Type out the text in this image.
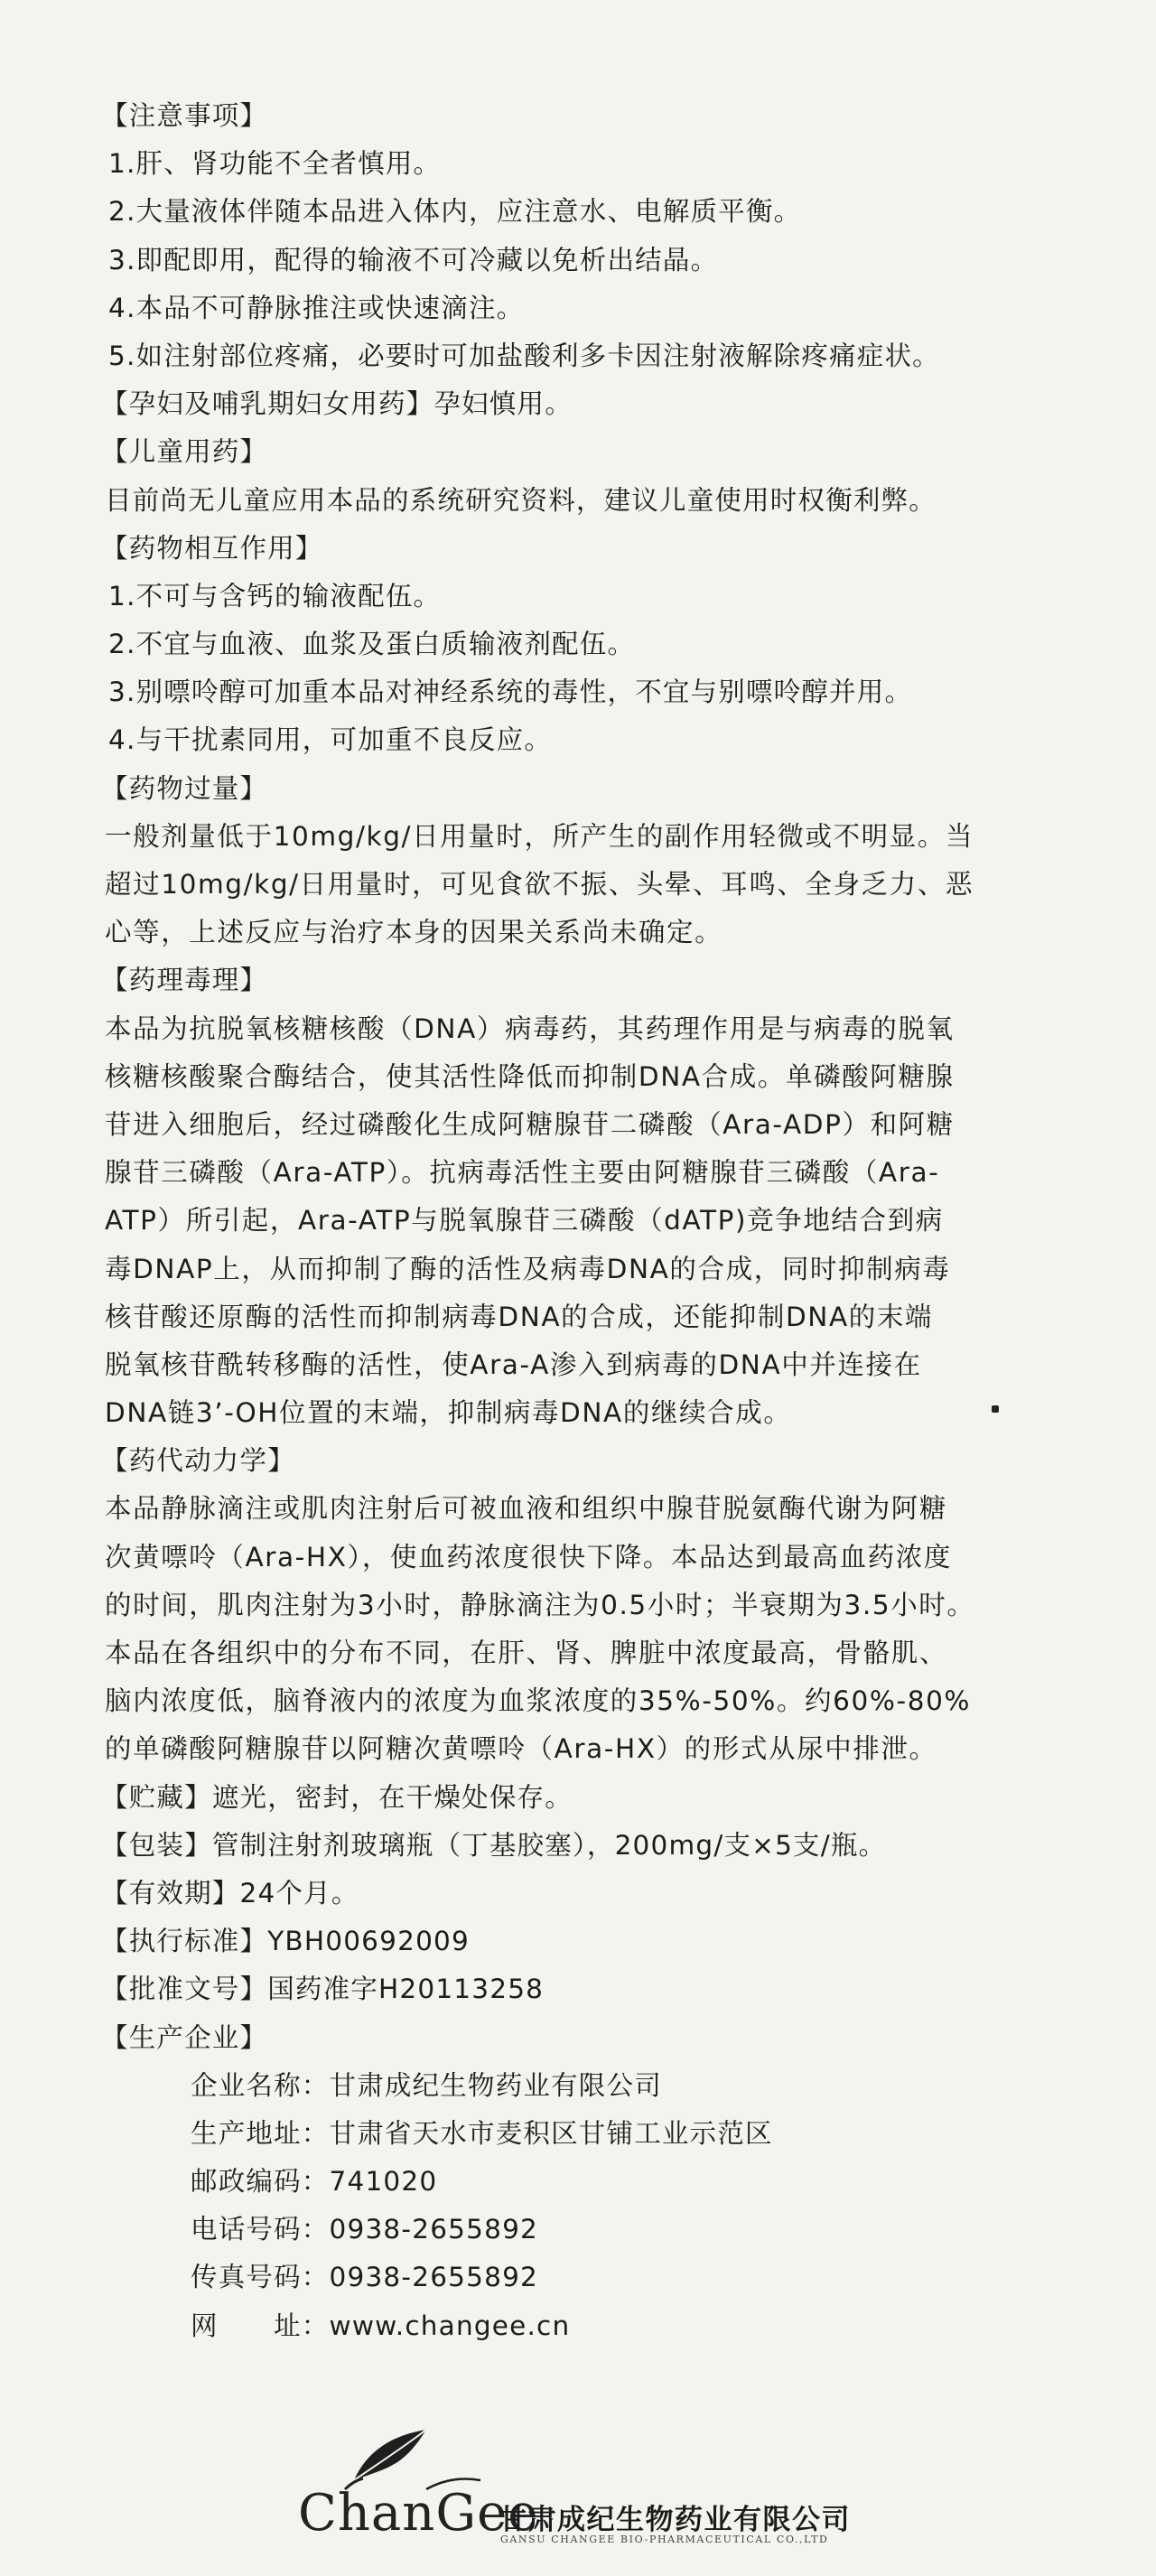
【注意事项】
1.肝、肾功能不全者慎用。
2.大量液体伴随本品进入体内，应注意水、电解质平衡。
3.即配即用，配得的输液不可冷藏以免析出结晶。
4.本品不可静脉推注或快速滴注。
5.如注射部位疼痛，必要时可加盐酸利多卡因注射液解除疼痛症状。
【孕妇及哺乳期妇女用药】孕妇慎用。
【儿童用药】
目前尚无儿童应用本品的系统研究资料，建议儿童使用时权衡利弊。
【药物相互作用】
1.不可与含钙的输液配伍。
2.不宜与血液、血浆及蛋白质输液剂配伍。
3.别嘌呤醇可加重本品对神经系统的毒性，不宜与别嘌呤醇并用。
4.与干扰素同用，可加重不良反应。
【药物过量】
一般剂量低于10mg/kg/日用量时，所产生的副作用轻微或不明显。当
超过10mg/kg/日用量时，可见食欲不振、头晕、耳鸣、全身乏力、恶
心等，上述反应与治疗本身的因果关系尚未确定。
【药理毒理】
本品为抗脱氧核糖核酸（DNA）病毒药，其药理作用是与病毒的脱氧
核糖核酸聚合酶结合，使其活性降低而抑制DNA合成。单磷酸阿糖腺
苷进入细胞后，经过磷酸化生成阿糖腺苷二磷酸（Ara-ADP）和阿糖
腺苷三磷酸（Ara-ATP）。抗病毒活性主要由阿糖腺苷三磷酸（Ara-
ATP）所引起，Ara-ATP与脱氧腺苷三磷酸（dATP)竞争地结合到病
毒DNAP上，从而抑制了酶的活性及病毒DNA的合成，同时抑制病毒
核苷酸还原酶的活性而抑制病毒DNA的合成，还能抑制DNA的末端
脱氧核苷酰转移酶的活性，使Ara-A渗入到病毒的DNA中并连接在
DNA链3’-OH位置的末端，抑制病毒DNA的继续合成。
【药代动力学】
本品静脉滴注或肌肉注射后可被血液和组织中腺苷脱氨酶代谢为阿糖
次黄嘌呤（Ara-HX），使血药浓度很快下降。本品达到最高血药浓度
的时间，肌肉注射为3小时，静脉滴注为0.5小时；半衰期为3.5小时。
本品在各组织中的分布不同，在肝、肾、脾脏中浓度最高，骨骼肌、
脑内浓度低，脑脊液内的浓度为血浆浓度的35%-50%。约60%-80%
的单磷酸阿糖腺苷以阿糖次黄嘌呤（Ara-HX）的形式从尿中排泄。
【贮藏】遮光，密封，在干燥处保存。
【包装】管制注射剂玻璃瓶（丁基胶塞），200mg/支×5支/瓶。
【有效期】24个月。
【执行标准】YBH00692009
【批准文号】国药准字H20113258
【生产企业】
企业名称：甘肃成纪生物药业有限公司
生产地址：甘肃省天水市麦积区甘铺工业示范区
邮政编码：741020
电话号码：0938-2655892
传真号码：0938-2655892
网　　址：www.changee.cn
ChanGee
甘肃成纪生物药业有限公司
GANSU CHANGEE BIO-PHARMACEUTICAL CO.,LTD
